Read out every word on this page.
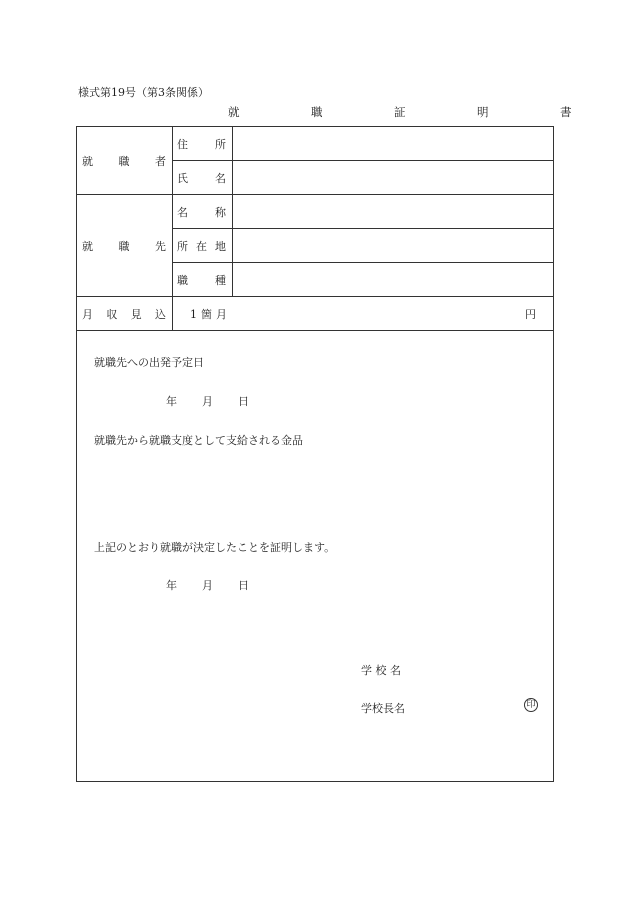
様式第19号（第3条関係）
就　職　証　明　書
就 職 者
住 所
氏 名
就 職 先
名 称
所 在 地
職 種
月 収 見 込 1箇月	円
就職先への出発予定日
年 月 日
就職先から就職支度として支給される金品
上記のとおり就職が決定したことを証明します。
年 月 日
学 校 名
学校長名	印
